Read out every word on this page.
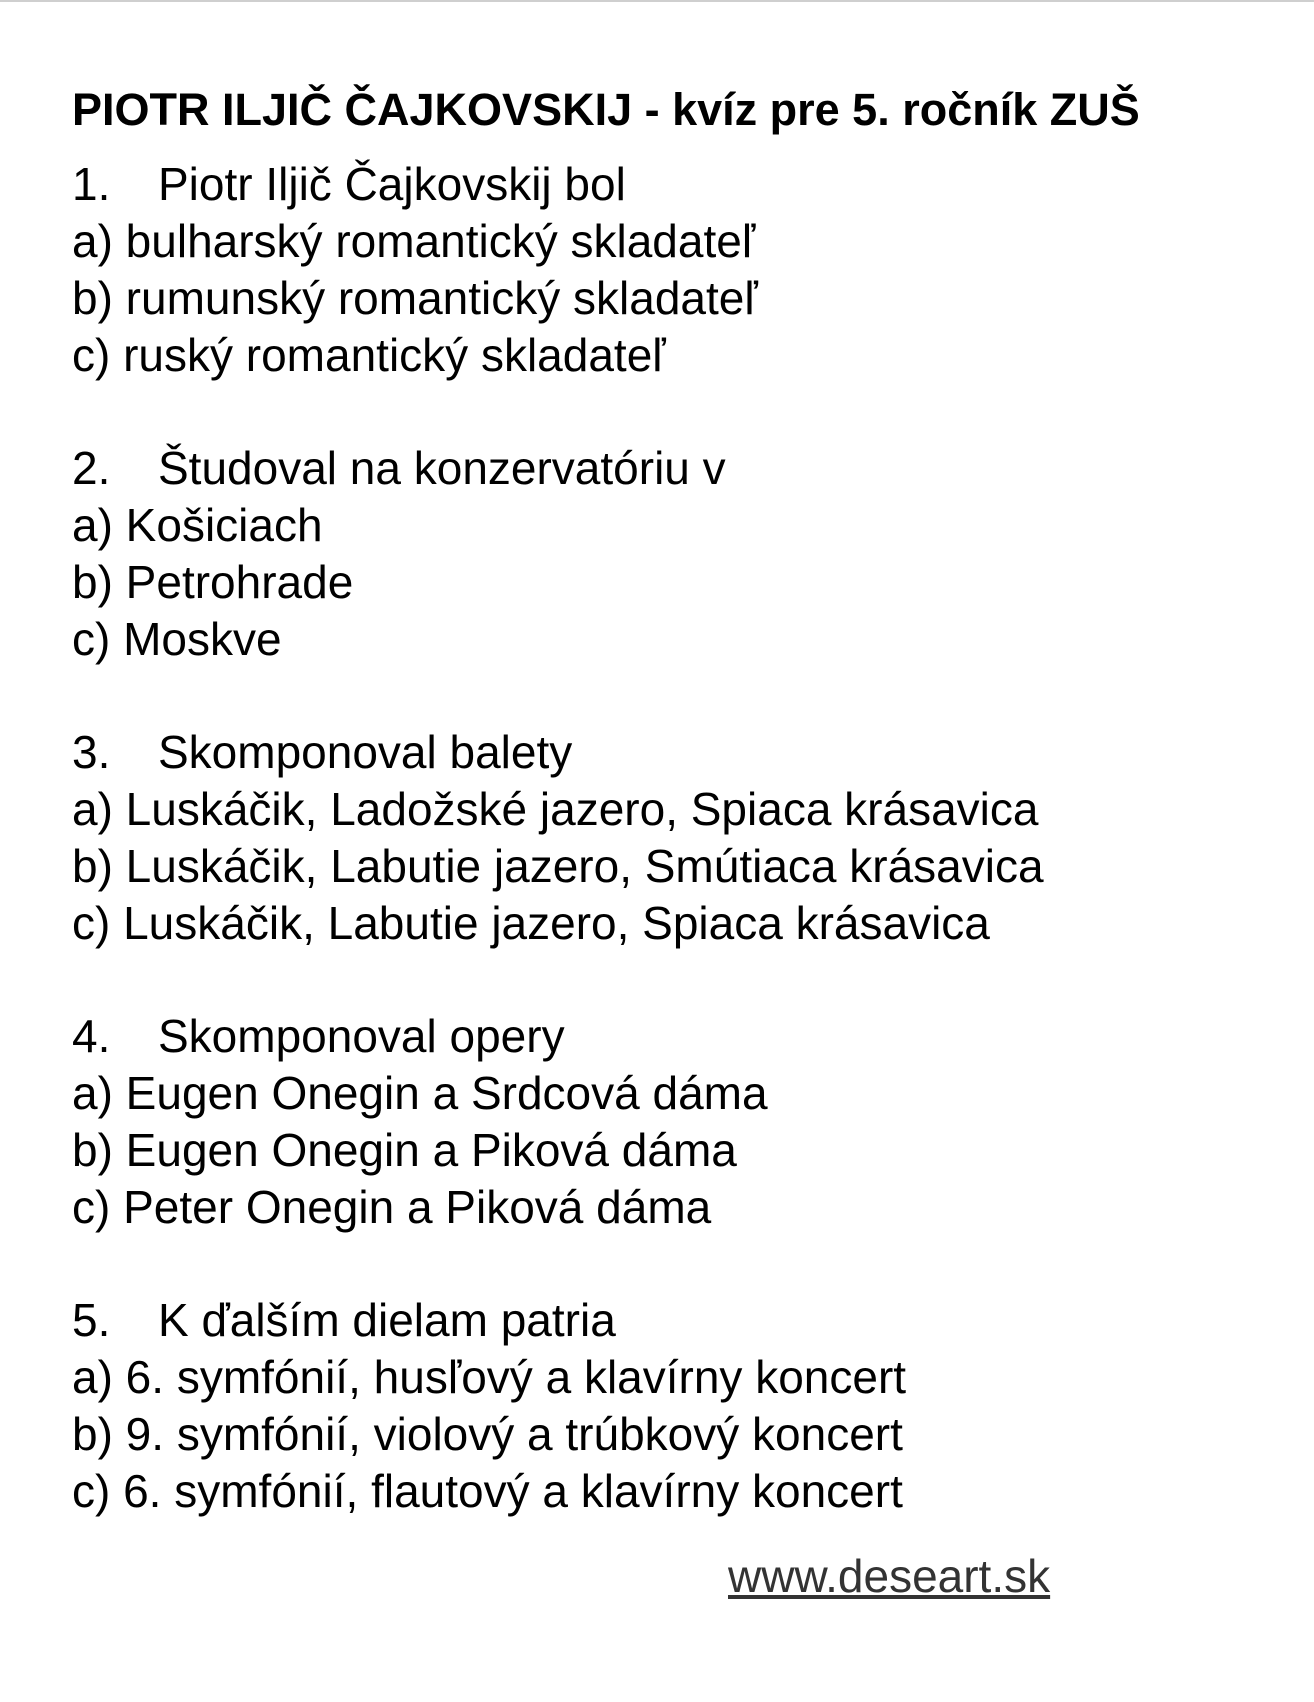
PIOTR ILJIČ ČAJKOVSKIJ - kvíz pre 5. ročník ZUŠ
1. Piotr Iljič Čajkovskij bol
a) bulharský romantický skladateľ
b) rumunský romantický skladateľ
c) ruský romantický skladateľ
2. Študoval na konzervatóriu v
a) Košiciach
b) Petrohrade
c) Moskve
3. Skomponoval balety
a) Luskáčik, Ladožské jazero, Spiaca krásavica
b) Luskáčik, Labutie jazero, Smútiaca krásavica
c) Luskáčik, Labutie jazero, Spiaca krásavica
4. Skomponoval opery
a) Eugen Onegin a Srdcová dáma
b) Eugen Onegin a Piková dáma
c) Peter Onegin a Piková dáma
5. K ďalším dielam patria
a) 6. symfónií, husľový a klavírny koncert
b) 9. symfónií, violový a trúbkový koncert
c) 6. symfónií, flautový a klavírny koncert
www.deseart.sk
